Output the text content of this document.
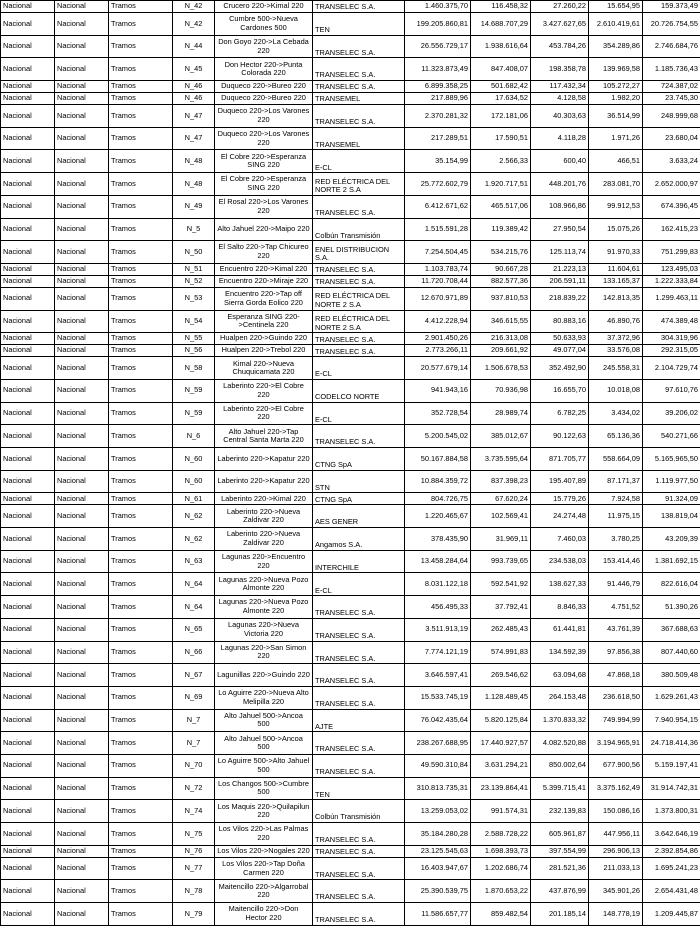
Nacional	Nacional	Tramos	N_42	Crucero 220->Kimal 220	TRANSELEC S.A.	1.460.375,70	116.458,32	27.260,22	15.654,95	159.373,49
Nacional	Nacional	Tramos	N_42	Cumbre 500->Nueva Cardones 500	TEN	199.205.860,81	14.688.707,29	3.427.627,65	2.610.419,61	20.726.754,55
Nacional	Nacional	Tramos	N_44	Don Goyo 220->La Cebada 220	TRANSELEC S.A.	26.556.729,17	1.938.616,64	453.784,26	354.289,86	2.746.684,76
Nacional	Nacional	Tramos	N_45	Don Hector 220->Punta Colorada 220	TRANSELEC S.A.	11.323.873,49	847.408,07	198.358,78	139.969,58	1.185.736,43
Nacional	Nacional	Tramos	N_46	Duqueco 220->Bureo 220	TRANSELEC S.A.	6.899.358,25	501.682,42	117.432,34	105.272,27	724.387,02
Nacional	Nacional	Tramos	N_46	Duqueco 220->Bureo 220	TRANSEMEL	217.889,96	17.634,52	4.128,58	1.982,20	23.745,30
Nacional	Nacional	Tramos	N_47	Duqueco 220->Los Varones 220	TRANSELEC S.A.	2.370.281,32	172.181,06	40.303,63	36.514,99	248.999,68
Nacional	Nacional	Tramos	N_47	Duqueco 220->Los Varones 220	TRANSEMEL	217.289,51	17.590,51	4.118,28	1.971,26	23.680,04
Nacional	Nacional	Tramos	N_48	El Cobre 220->Esperanza SING 220	E-CL	35.154,99	2.566,33	600,40	466,51	3.633,24
Nacional	Nacional	Tramos	N_48	El Cobre 220->Esperanza SING 220	RED ELÉCTRICA DEL NORTE 2 S.A	25.772.602,79	1.920.717,51	448.201,76	283.081,70	2.652.000,97
Nacional	Nacional	Tramos	N_49	El Rosal 220->Los Varones 220	TRANSELEC S.A.	6.412.671,62	465.517,06	108.966,86	99.912,53	674.396,45
Nacional	Nacional	Tramos	N_5	Alto Jahuel 220->Maipo 220	Colbún Transmisión	1.515.591,28	119.389,42	27.950,54	15.075,26	162.415,23
Nacional	Nacional	Tramos	N_50	El Salto 220->Tap Chicureo 220	ENEL DISTRIBUCION S.A.	7.254.504,45	534.215,76	125.113,74	91.970,33	751.299,83
Nacional	Nacional	Tramos	N_51	Encuentro 220->Kimal 220	TRANSELEC S.A.	1.103.783,74	90.667,28	21.223,13	11.604,61	123.495,03
Nacional	Nacional	Tramos	N_52	Encuentro 220->Miraje 220	TRANSELEC S.A.	11.720.708,44	882.577,36	206.591,11	133.165,37	1.222.333,84
Nacional	Nacional	Tramos	N_53	Encuentro 220->Tap off Sierra Gorda Eolico 220	RED ELÉCTRICA DEL NORTE 2 S.A	12.670.971,89	937.810,53	218.839,22	142.813,35	1.299.463,11
Nacional	Nacional	Tramos	N_54	Esperanza SING 220->Centinela 220	RED ELÉCTRICA DEL NORTE 2 S.A	4.412.228,94	346.615,55	80.883,16	46.890,76	474.389,48
Nacional	Nacional	Tramos	N_55	Hualpen 220->Guindo 220	TRANSELEC S.A.	2.901.450,26	216.313,08	50.633,93	37.372,96	304.319,96
Nacional	Nacional	Tramos	N_56	Hualpen 220->Trebol 220	TRANSELEC S.A.	2.773.266,11	209.661,92	49.077,04	33.576,08	292.315,05
Nacional	Nacional	Tramos	N_58	Kimal 220->Nueva Chuquicamata 220	E-CL	20.577.679,14	1.506.678,53	352.492,90	245.558,31	2.104.729,74
Nacional	Nacional	Tramos	N_59	Laberinto 220->El Cobre 220	CODELCO NORTE	941.943,16	70.936,98	16.655,70	10.018,08	97.610,76
Nacional	Nacional	Tramos	N_59	Laberinto 220->El Cobre 220	E-CL	352.728,54	28.989,74	6.782,25	3.434,02	39.206,02
Nacional	Nacional	Tramos	N_6	Alto Jahuel 220->Tap Central Santa Marta 220	TRANSELEC S.A.	5.200.545,02	385.012,67	90.122,63	65.136,36	540.271,66
Nacional	Nacional	Tramos	N_60	Laberinto 220->Kapatur 220	CTNG SpA	50.167.884,58	3.735.595,64	871.705,77	558.664,09	5.165.965,50
Nacional	Nacional	Tramos	N_60	Laberinto 220->Kapatur 220	STN	10.884.359,72	837.398,23	195.407,89	87.171,37	1.119.977,50
Nacional	Nacional	Tramos	N_61	Laberinto 220->Kimal 220	CTNG SpA	804.726,75	67.620,24	15.779,26	7.924,58	91.324,09
Nacional	Nacional	Tramos	N_62	Laberinto 220->Nueva Zaldivar 220	AES GENER	1.220.465,67	102.569,41	24.274,48	11.975,15	138.819,04
Nacional	Nacional	Tramos	N_62	Laberinto 220->Nueva Zaldivar 220	Angamos S.A.	378.435,90	31.969,11	7.460,03	3.780,25	43.209,39
Nacional	Nacional	Tramos	N_63	Lagunas 220->Encuentro 220	INTERCHILE	13.458.284,64	993.739,65	234.538,03	153.414,46	1.381.692,15
Nacional	Nacional	Tramos	N_64	Lagunas 220->Nueva Pozo Almonte 220	E-CL	8.031.122,18	592.541,92	138.627,33	91.446,79	822.616,04
Nacional	Nacional	Tramos	N_64	Lagunas 220->Nueva Pozo Almonte 220	TRANSELEC S.A.	456.495,33	37.792,41	8.846,33	4.751,52	51.390,26
Nacional	Nacional	Tramos	N_65	Lagunas 220->Nueva Victoria 220	TRANSELEC S.A.	3.511.913,19	262.485,43	61.441,81	43.761,39	367.688,63
Nacional	Nacional	Tramos	N_66	Lagunas 220->San Simon 220	TRANSELEC S.A.	7.774.121,19	574.991,83	134.592,39	97.856,38	807.440,60
Nacional	Nacional	Tramos	N_67	Lagunillas 220->Guindo 220	TRANSELEC S.A.	3.646.597,41	269.546,62	63.094,68	47.868,18	380.509,48
Nacional	Nacional	Tramos	N_69	Lo Aguirre 220->Nueva Alto Melipilla 220	TRANSELEC S.A.	15.533.745,19	1.128.489,45	264.153,48	236.618,50	1.629.261,43
Nacional	Nacional	Tramos	N_7	Alto Jahuel 500->Ancoa 500	AJTE	76.042.435,64	5.820.125,84	1.370.833,32	749.994,99	7.940.954,15
Nacional	Nacional	Tramos	N_7	Alto Jahuel 500->Ancoa 500	TRANSELEC S.A.	238.267.688,95	17.440.927,57	4.082.520,88	3.194.965,91	24.718.414,36
Nacional	Nacional	Tramos	N_70	Lo Aguirre 500->Alto Jahuel 500	TRANSELEC S.A.	49.590.310,84	3.631.294,21	850.002,64	677.900,56	5.159.197,41
Nacional	Nacional	Tramos	N_72	Los Changos 500->Cumbre 500	TEN	310.813.735,31	23.139.864,41	5.399.715,41	3.375.162,49	31.914.742,31
Nacional	Nacional	Tramos	N_74	Los Maquis 220->Quilapilun 220	Colbún Transmisión	13.259.053,02	991.574,31	232.139,83	150.086,16	1.373.800,31
Nacional	Nacional	Tramos	N_75	Los Vilos 220->Las Palmas 220	TRANSELEC S.A.	35.184.280,28	2.588.728,22	605.961,87	447.956,11	3.642.646,19
Nacional	Nacional	Tramos	N_76	Los Vilos 220->Nogales 220	TRANSELEC S.A.	23.125.545,63	1.698.393,73	397.554,99	296.906,13	2.392.854,86
Nacional	Nacional	Tramos	N_77	Los Vilos 220->Tap Doña Carmen 220	TRANSELEC S.A.	16.403.947,67	1.202.686,74	281.521,36	211.033,13	1.695.241,23
Nacional	Nacional	Tramos	N_78	Maitencillo 220->Algarrobal 220	TRANSELEC S.A.	25.390.539,75	1.870.653,22	437.876,99	345.901,26	2.654.431,48
Nacional	Nacional	Tramos	N_79	Maitencillo 220->Don Hector 220	TRANSELEC S.A.	11.586.657,77	859.482,54	201.185,14	148.778,19	1.209.445,87
